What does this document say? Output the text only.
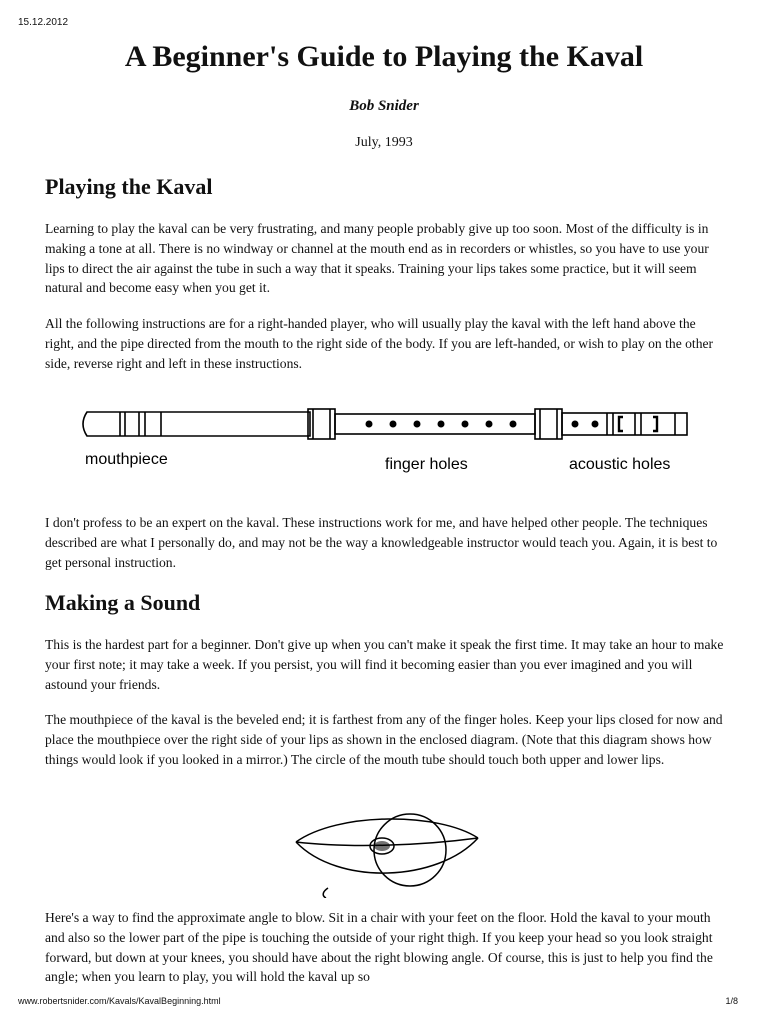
15.12.2012
A Beginner's Guide to Playing the Kaval
Bob Snider
July, 1993
Playing the Kaval

Learning to play the kaval can be very frustrating, and many people probably give up too soon. Most of the difficulty is in making a tone at all. There is no windway or channel at the mouth end as in recorders or whistles, so you have to use your lips to direct the air against the tube in such a way that it speaks. Training your lips takes some practice, but it will seem natural and become easy when you get it.

All the following instructions are for a right-handed player, who will usually play the kaval with the left hand above the right, and the pipe directed from the mouth to the right side of the body. If you are left-handed, or wish to play on the other side, reverse right and left in these instructions.

mouthpiece	finger holes	acoustic holes

I don't profess to be an expert on the kaval. These instructions work for me, and have helped other people. The techniques described are what I personally do, and may not be the way a knowledgeable instructor would teach you. Again, it is best to get personal instruction.

Making a Sound

This is the hardest part for a beginner. Don't give up when you can't make it speak the first time. It may take an hour to make your first note; it may take a week. If you persist, you will find it becoming easier than you ever imagined and you will astound your friends.

The mouthpiece of the kaval is the beveled end; it is farthest from any of the finger holes. Keep your lips closed for now and place the mouthpiece over the right side of your lips as shown in the enclosed diagram. (Note that this diagram shows how things would look if you looked in a mirror.) The circle of the mouth tube should touch both upper and lower lips.

Here's a way to find the approximate angle to blow. Sit in a chair with your feet on the floor. Hold the kaval to your mouth and also so the lower part of the pipe is touching the outside of your right thigh. If you keep your head so you look straight forward, but down at your knees, you should have about the right blowing angle. Of course, this is just to help you find the angle; when you learn to play, you will hold the kaval up so

www.robertsnider.com/Kavals/KavalBeginning.html	1/8
